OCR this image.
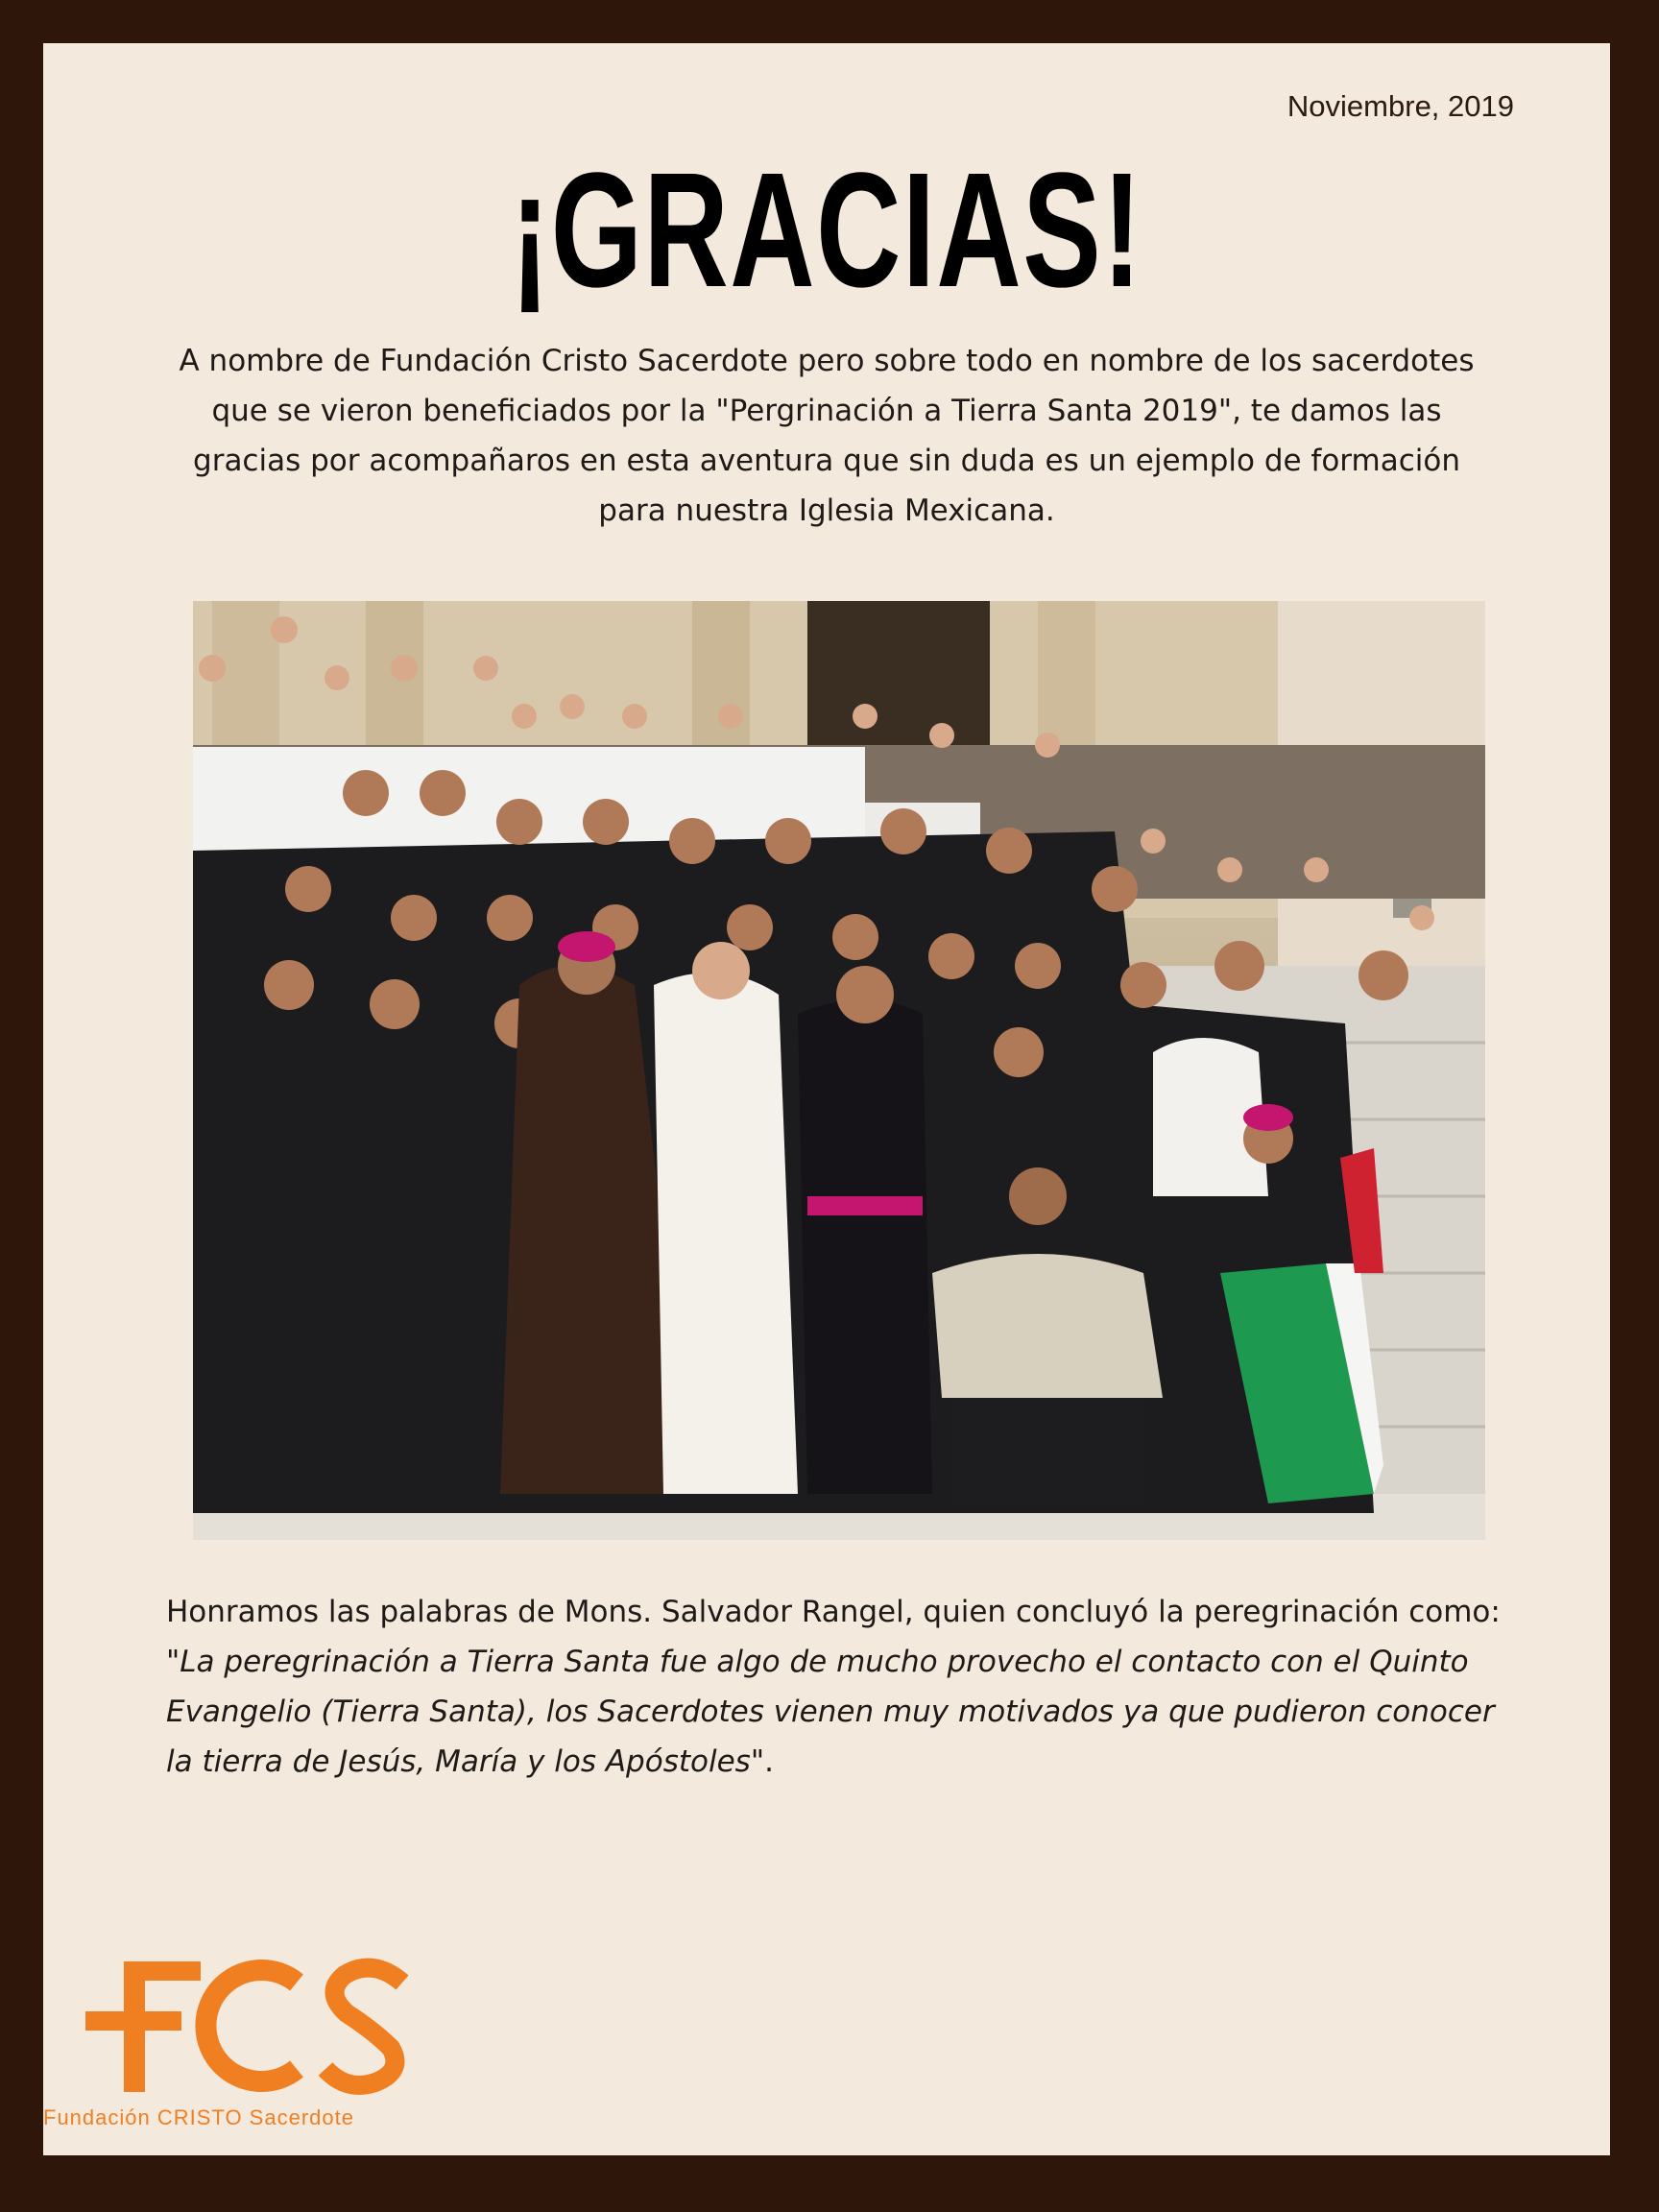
Noviembre, 2019
¡GRACIAS!
A nombre de Fundación Cristo Sacerdote pero sobre todo en nombre de los sacerdotes que se vieron beneficiados por la "Pergrinación a Tierra Santa 2019", te damos las gracias por acompañaros en esta aventura que sin duda es un ejemplo de formación para nuestra Iglesia Mexicana.
Honramos las palabras de Mons. Salvador Rangel, quien concluyó la peregrinación como: "La peregrinación a Tierra Santa fue algo de mucho provecho el contacto con el Quinto Evangelio (Tierra Santa), los Sacerdotes vienen muy motivados ya que pudieron conocer la tierra de Jesús, María y los Apóstoles".
Fundación CRISTO Sacerdote
